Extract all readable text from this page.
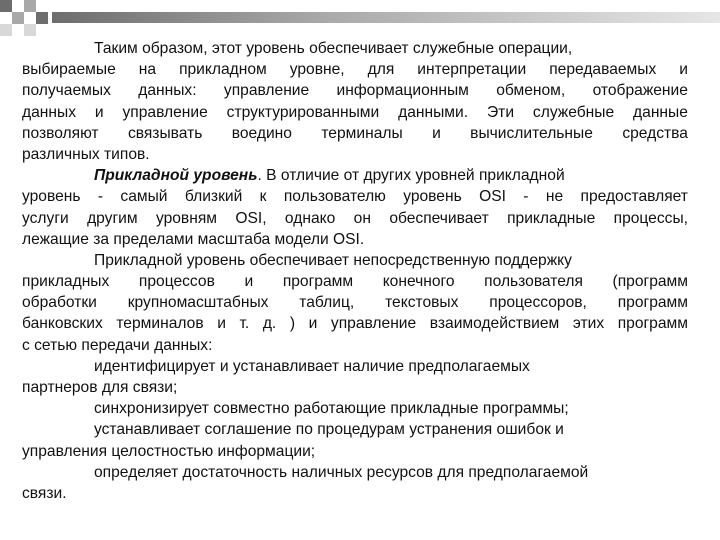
Таким образом, этот уровень обеспечивает служебные операции,
выбираемые на прикладном уровне, для интерпретации передаваемых и
получаемых данных: управление информационным обменом, отображение
данных и управление структурированными данными. Эти служебные данные
позволяют связывать воедино терминалы и вычислительные средства
различных типов.
Прикладной уровень. В отличие от других уровней прикладной
уровень - самый близкий к пользователю уровень OSI - не предоставляет
услуги другим уровням OSI, однако он обеспечивает прикладные процессы,
лежащие за пределами масштаба модели OSI.
Прикладной уровень обеспечивает непосредственную поддержку
прикладных процессов и программ конечного пользователя (программ
обработки крупномасштабных таблиц, текстовых процессоров, программ
банковских терминалов и т. д. ) и управление взаимодействием этих программ
с сетью передачи данных:
идентифицирует и устанавливает наличие предполагаемых
партнеров для связи;
синхронизирует совместно работающие прикладные программы;
устанавливает соглашение по процедурам устранения ошибок и
управления целостностью информации;
определяет достаточность наличных ресурсов для предполагаемой
связи.
